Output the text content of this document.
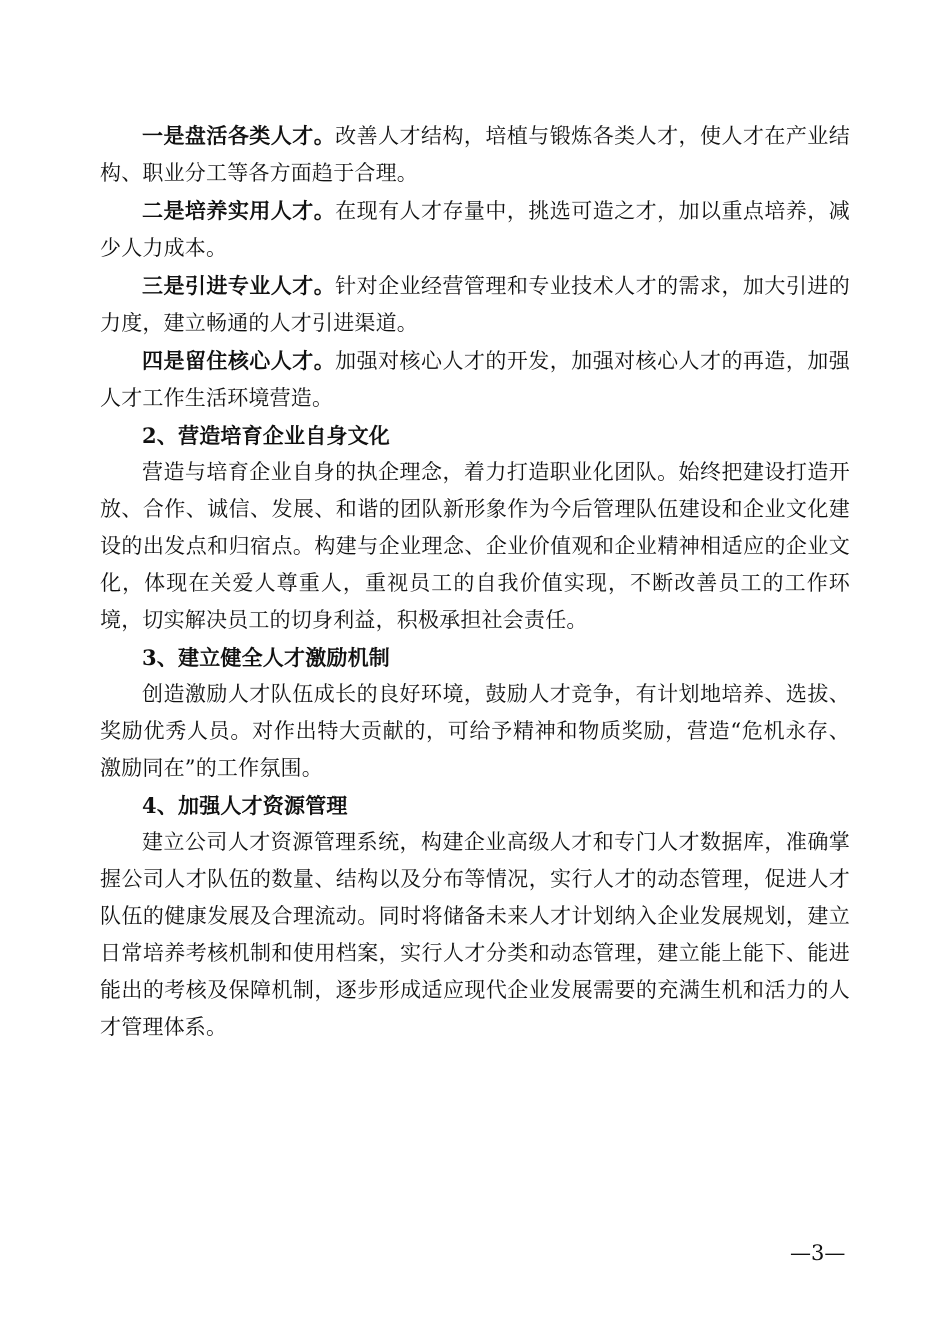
一是盘活各类人才。改善人才结构，培植与锻炼各类人才，使人才在产业结构、职业分工等各方面趋于合理。

二是培养实用人才。在现有人才存量中，挑选可造之才，加以重点培养，减少人力成本。

三是引进专业人才。针对企业经营管理和专业技术人才的需求，加大引进的力度，建立畅通的人才引进渠道。

四是留住核心人才。加强对核心人才的开发，加强对核心人才的再造，加强人才工作生活环境营造。

2、营造培育企业自身文化

营造与培育企业自身的执企理念，着力打造职业化团队。始终把建设打造开放、合作、诚信、发展、和谐的团队新形象作为今后管理队伍建设和企业文化建设的出发点和归宿点。构建与企业理念、企业价值观和企业精神相适应的企业文化，体现在关爱人尊重人，重视员工的自我价值实现，不断改善员工的工作环境，切实解决员工的切身利益，积极承担社会责任。

3、建立健全人才激励机制

创造激励人才队伍成长的良好环境，鼓励人才竞争，有计划地培养、选拔、奖励优秀人员。对作出特大贡献的，可给予精神和物质奖励，营造“危机永存、激励同在”的工作氛围。

4、加强人才资源管理

建立公司人才资源管理系统，构建企业高级人才和专门人才数据库，准确掌握公司人才队伍的数量、结构以及分布等情况，实行人才的动态管理，促进人才队伍的健康发展及合理流动。同时将储备未来人才计划纳入企业发展规划，建立日常培养考核机制和使用档案，实行人才分类和动态管理，建立能上能下、能进能出的考核及保障机制，逐步形成适应现代企业发展需要的充满生机和活力的人才管理体系。

—3—
